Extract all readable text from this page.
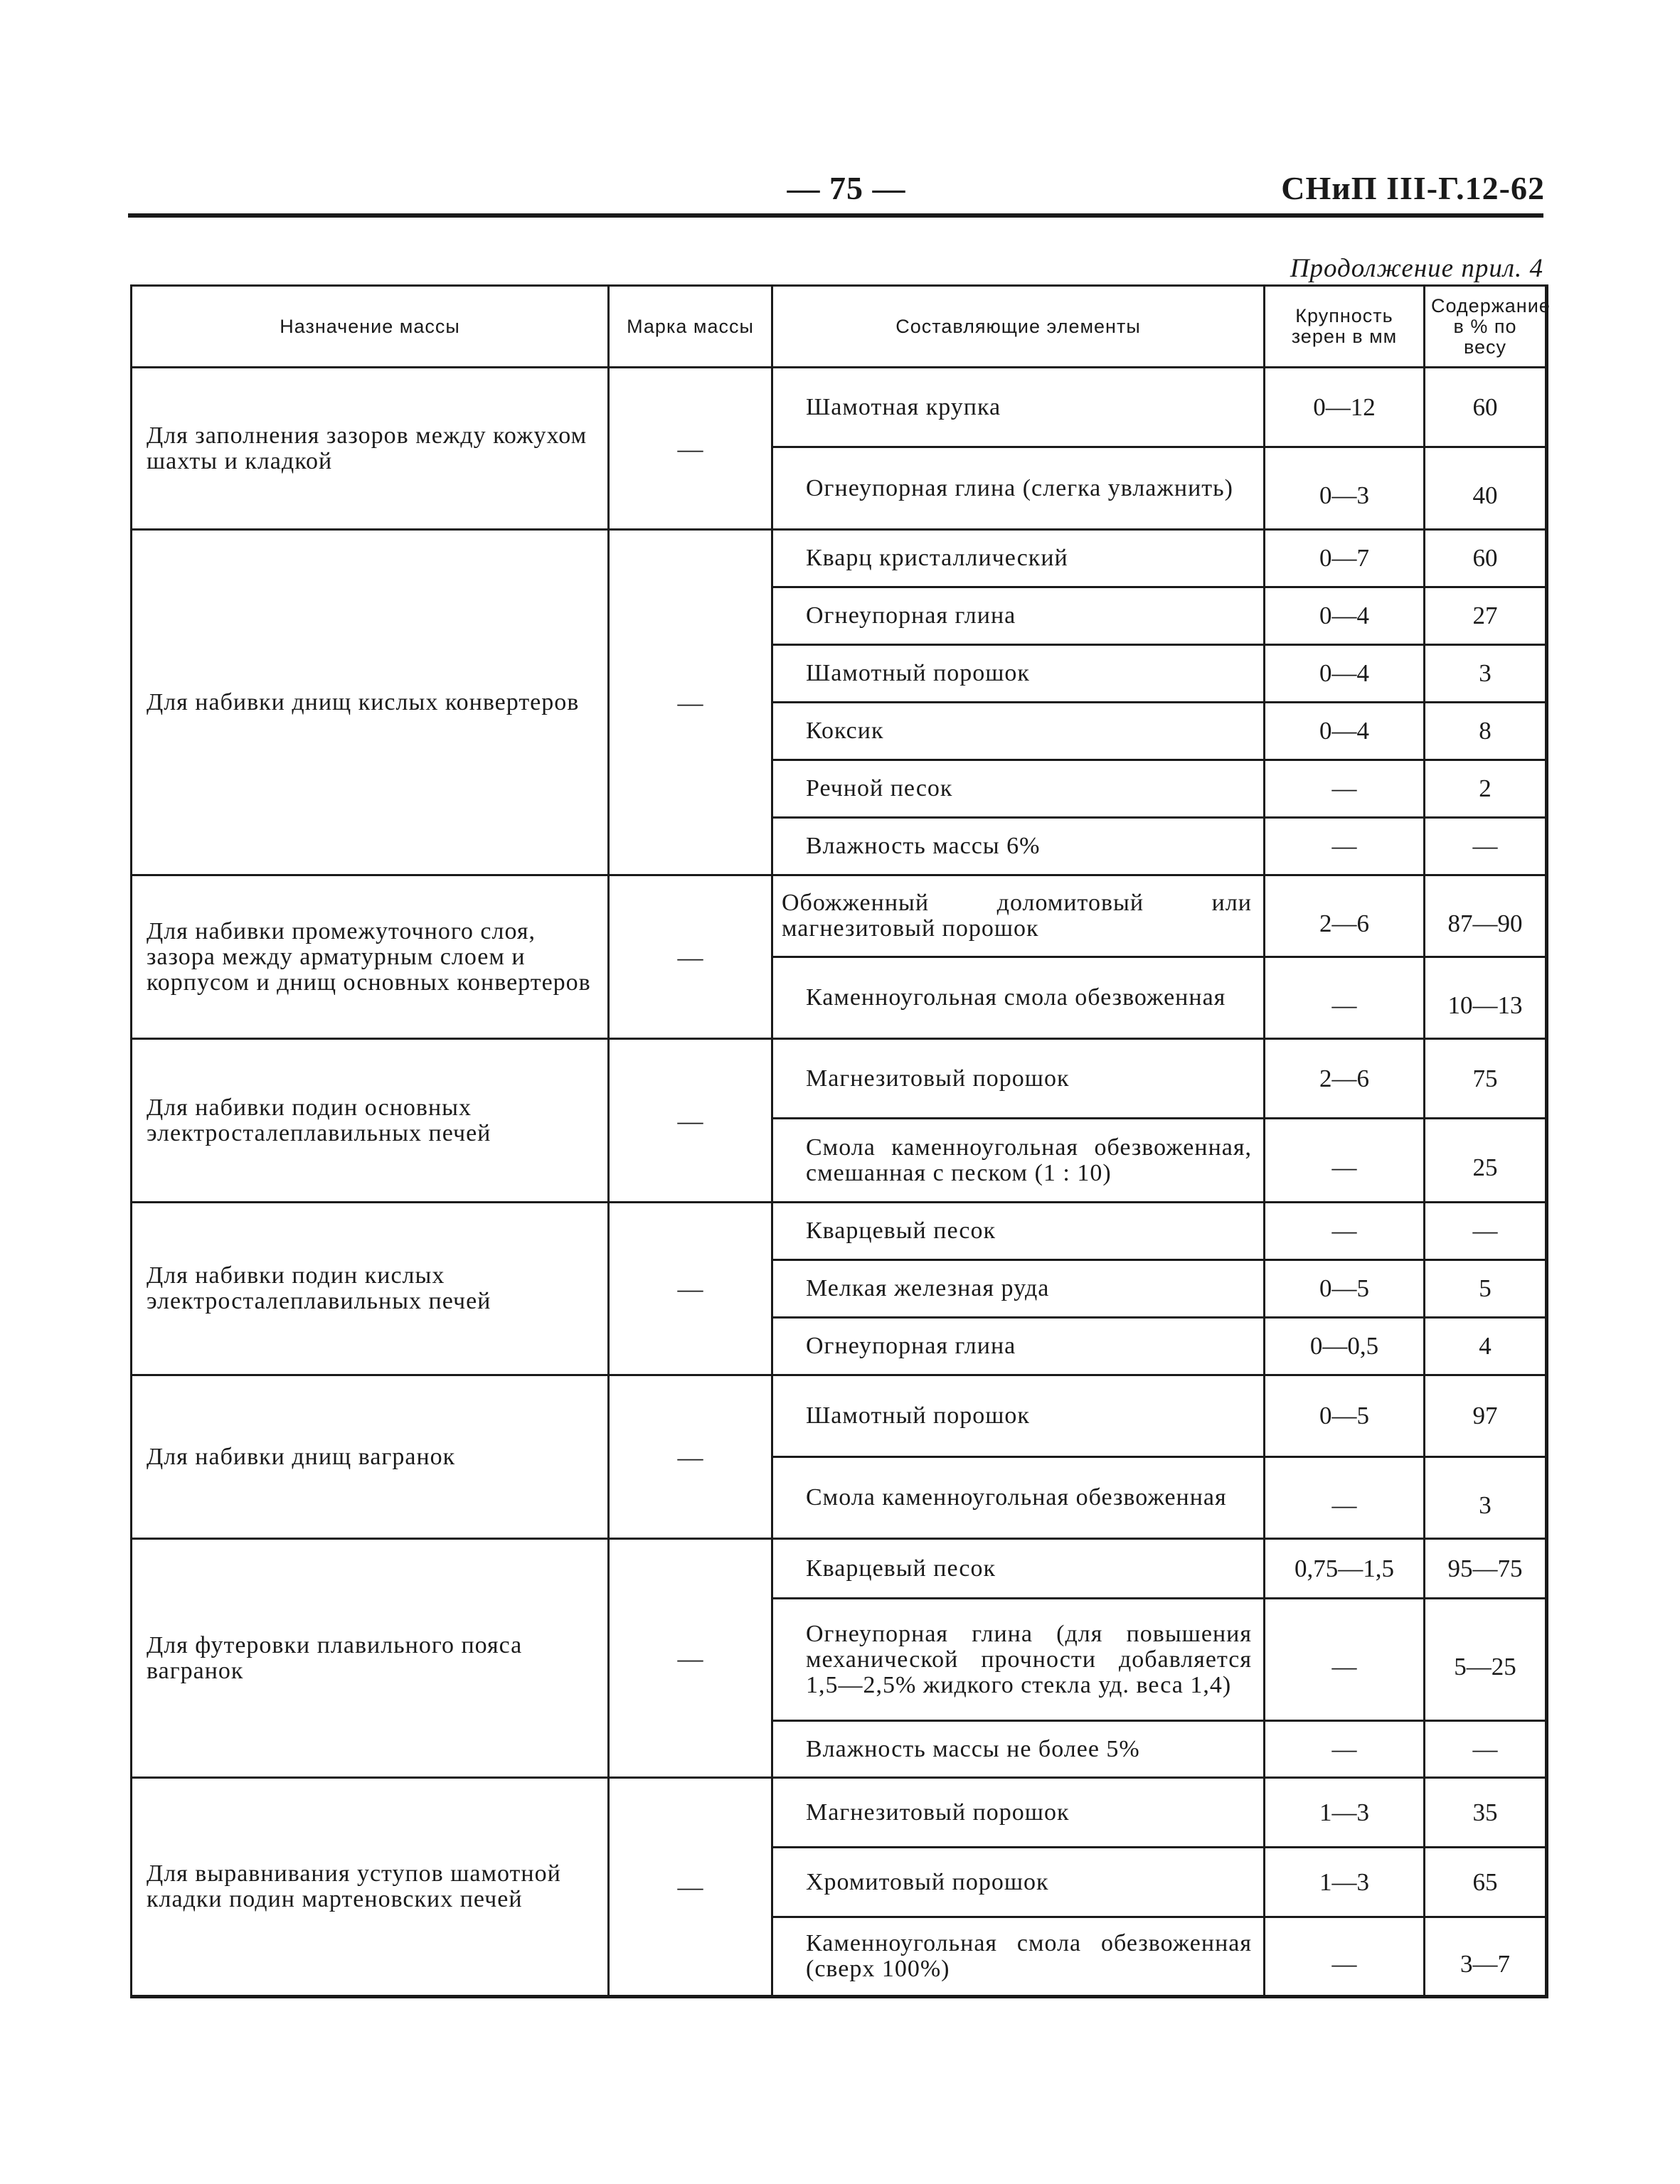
— 75 —	СНиП III-Г.12-62
Продолжение прил. 4
Назначение массы	Марка массы	Составляющие элементы	Крупность зерен в мм	Содержание в % по весу
Для заполнения зазоров между кожухом шахты и кладкой	—	Шамотная крупка	0—12	60
		Огнеупорная глина (слегка увлажнить)	0—3	40
Для набивки днищ кислых конвертеров	—	Кварц кристаллический	0—7	60
		Огнеупорная глина	0—4	27
		Шамотный порошок	0—4	3
		Коксик	0—4	8
		Речной песок	—	2
		Влажность массы 6%	—	—
Для набивки промежуточного слоя, зазора между арматурным слоем и корпусом и днищ основных конвертеров	—	Обожженный доломитовый или магнезитовый порошок	2—6	87—90
		Каменноугольная смола обезвоженная	—	10—13
Для набивки подин основных электросталеплавильных печей	—	Магнезитовый порошок	2—6	75
		Смола каменноугольная обезвоженная, смешанная с песком (1 : 10)	—	25
Для набивки подин кислых электросталеплавильных печей	—	Кварцевый песок	—	—
		Мелкая железная руда	0—5	5
		Огнеупорная глина	0—0,5	4
Для набивки днищ вагранок	—	Шамотный порошок	0—5	97
		Смола каменноугольная обезвоженная	—	3
Для футеровки плавильного пояса вагранок	—	Кварцевый песок	0,75—1,5	95—75
		Огнеупорная глина (для повышения механической прочности добавляется 1,5—2,5% жидкого стекла уд. веса 1,4)	—	5—25
		Влажность массы не более 5%	—	—
Для выравнивания уступов шамотной кладки подин мартеновских печей	—	Магнезитовый порошок	1—3	35
		Хромитовый порошок	1—3	65
		Каменноугольная смола обезвоженная (сверх 100%)	—	3—7
